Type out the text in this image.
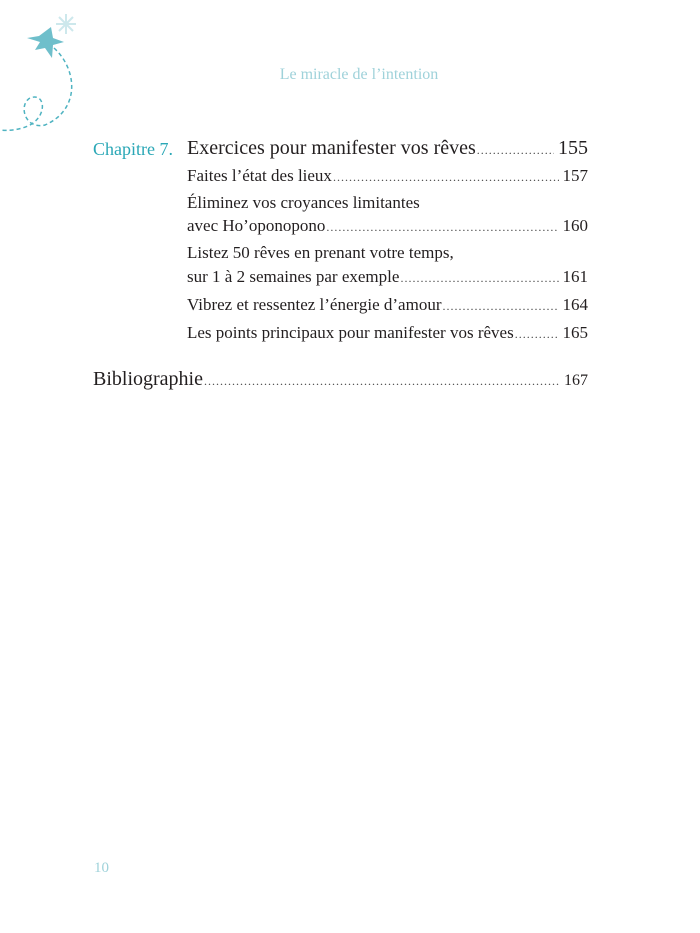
Le miracle de l’intention
Chapitre 7. Exercices pour manifester vos rêves .....	155
Faites l’état des lieux .....	157
Éliminez vos croyances limitantes
avec Ho’oponopono .....	160
Listez 50 rêves en prenant votre temps,
sur 1 à 2 semaines par exemple .....	161
Vibrez et ressentez l’énergie d’amour .....	164
Les points principaux pour manifester vos rêves .....	165
Bibliographie .....	167
10
